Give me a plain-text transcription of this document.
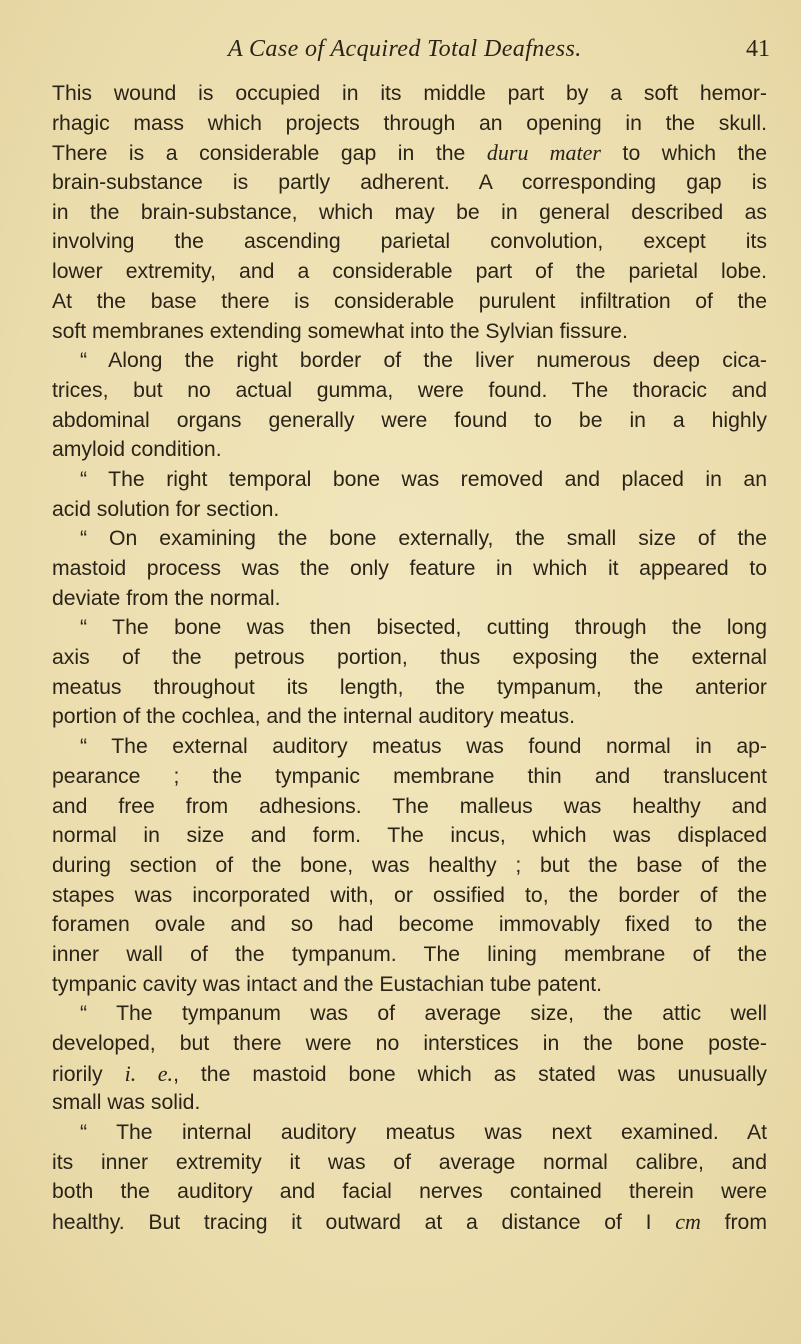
A Case of Acquired Total Deafness.	41
This wound is occupied in its middle part by a soft hemor-
rhagic mass which projects through an opening in the skull.
There is a considerable gap in the duru mater to which the
brain-substance is partly adherent. A corresponding gap is
in the brain-substance, which may be in general described as
involving the ascending parietal convolution, except its
lower extremity, and a considerable part of the parietal lobe.
At the base there is considerable purulent infiltration of the
soft membranes extending somewhat into the Sylvian fissure.
“ Along the right border of the liver numerous deep cica-
trices, but no actual gumma, were found. The thoracic and
abdominal organs generally were found to be in a highly
amyloid condition.
“ The right temporal bone was removed and placed in an
acid solution for section.
“ On examining the bone externally, the small size of the
mastoid process was the only feature in which it appeared to
deviate from the normal.
“ The bone was then bisected, cutting through the long
axis of the petrous portion, thus exposing the external
meatus throughout its length, the tympanum, the anterior
portion of the cochlea, and the internal auditory meatus.
“ The external auditory meatus was found normal in ap-
pearance ; the tympanic membrane thin and translucent
and free from adhesions. The malleus was healthy and
normal in size and form. The incus, which was displaced
during section of the bone, was healthy ; but the base of the
stapes was incorporated with, or ossified to, the border of the
foramen ovale and so had become immovably fixed to the
inner wall of the tympanum. The lining membrane of the
tympanic cavity was intact and the Eustachian tube patent.
“ The tympanum was of average size, the attic well
developed, but there were no interstices in the bone poste-
riorily i. e., the mastoid bone which as stated was unusually
small was solid.
“ The internal auditory meatus was next examined. At
its inner extremity it was of average normal calibre, and
both the auditory and facial nerves contained therein were
healthy. But tracing it outward at a distance of I cm from
